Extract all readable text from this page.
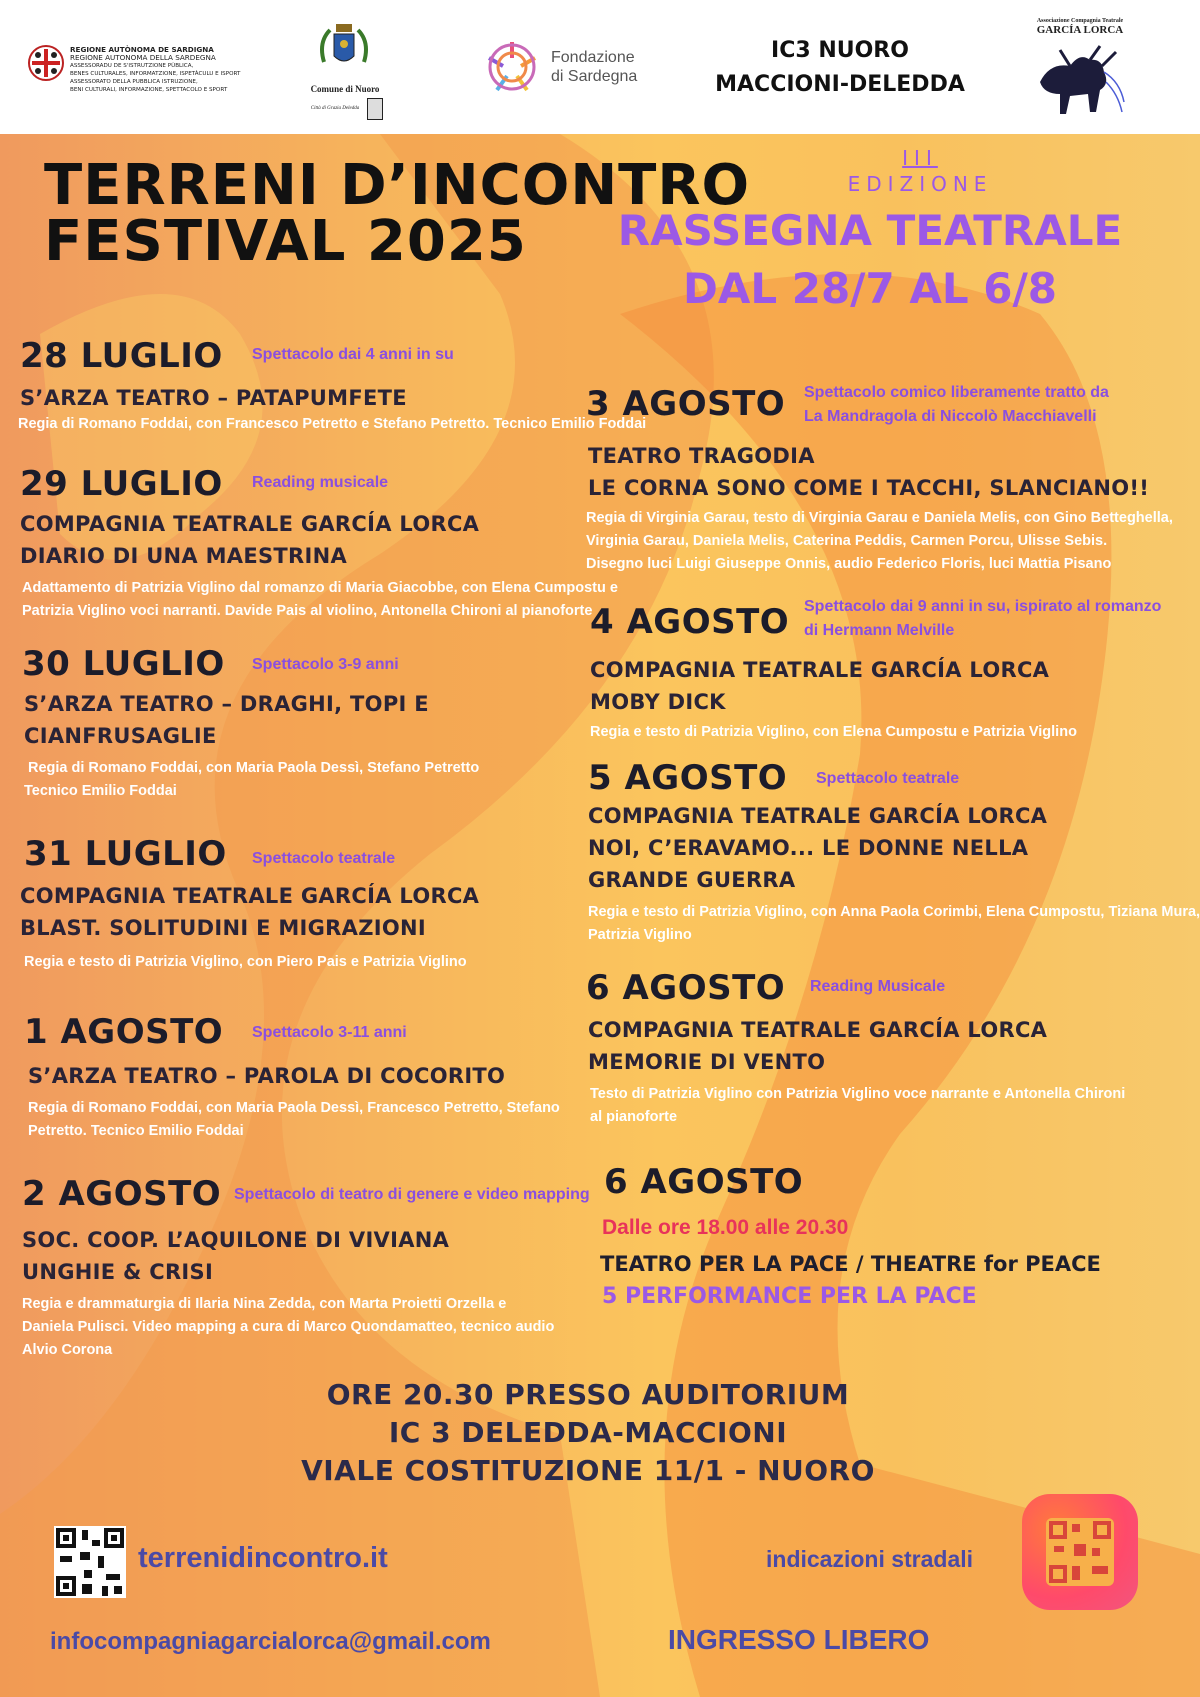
REGIONE AUTÒNOMA DE SARDIGNA
REGIONE AUTONOMA DELLA SARDEGNA
ASSESSORADU DE S'ISTRUTZIONE PÙBLICA,
BENES CULTURALES, INFORMATZIONE, ISPETÀCULU E ISPORT
ASSESSORATO DELLA PUBBLICA ISTRUZIONE,
BENI CULTURALI, INFORMAZIONE, SPETTACOLO E SPORT	Comune di Nuoro
Città di Grazia Deledda
Fondazione
di Sardegna
IC3 NUORO
MACCIONI-DELEDDA
Associazione Compagnia Teatrale
GARCÍA LORCA
TERRENI D’INCONTRO
FESTIVAL 2025
III
EDIZIONE
RASSEGNA TEATRALE
DAL 28/7 AL 6/8
28 LUGLIO Spettacolo dai 4 anni in su
S’ARZA TEATRO – PATAPUMFETE
Regia di Romano Foddai, con Francesco Petretto e Stefano Petretto. Tecnico Emilio Foddai
29 LUGLIO Reading musicale
COMPAGNIA TEATRALE GARCÍA LORCA
DIARIO DI UNA MAESTRINA
Adattamento di Patrizia Viglino dal romanzo di Maria Giacobbe, con Elena Cumpostu e
Patrizia Viglino voci narranti. Davide Pais al violino, Antonella Chironi al pianoforte
30 LUGLIO Spettacolo 3-9 anni
S’ARZA TEATRO – DRAGHI, TOPI E
CIANFRUSAGLIE
Regia di Romano Foddai, con Maria Paola Dessì, Stefano Petretto
Tecnico Emilio Foddai
31 LUGLIO Spettacolo teatrale
COMPAGNIA TEATRALE GARCÍA LORCA
BLAST. SOLITUDINI E MIGRAZIONI
Regia e testo di Patrizia Viglino, con Piero Pais e Patrizia Viglino
1 AGOSTO Spettacolo 3-11 anni
S’ARZA TEATRO – PAROLA DI COCORITO
Regia di Romano Foddai, con Maria Paola Dessì, Francesco Petretto, Stefano
Petretto. Tecnico Emilio Foddai
2 AGOSTO Spettacolo di teatro di genere e video mapping
SOC. COOP. L’AQUILONE DI VIVIANA
UNGHIE & CRISI
Regia e drammaturgia di Ilaria Nina Zedda, con Marta Proietti Orzella e
Daniela Pulisci. Video mapping a cura di Marco Quondamatteo, tecnico audio
Alvio Corona
3 AGOSTO Spettacolo comico liberamente tratto da
La Mandragola di Niccolò Macchiavelli
TEATRO TRAGODIA
LE CORNA SONO COME I TACCHI, SLANCIANO!!
Regia di Virginia Garau, testo di Virginia Garau e Daniela Melis, con Gino Betteghella,
Virginia Garau, Daniela Melis, Caterina Peddis, Carmen Porcu, Ulisse Sebis.
Disegno luci Luigi Giuseppe Onnis, audio Federico Floris, luci Mattia Pisano
4 AGOSTO Spettacolo dai 9 anni in su, ispirato al romanzo
di Hermann Melville
COMPAGNIA TEATRALE GARCÍA LORCA
MOBY DICK
Regia e testo di Patrizia Viglino, con Elena Cumpostu e Patrizia Viglino
5 AGOSTO Spettacolo teatrale
COMPAGNIA TEATRALE GARCÍA LORCA
NOI, C’ERAVAMO... LE DONNE NELLA
GRANDE GUERRA
Regia e testo di Patrizia Viglino, con Anna Paola Corimbi, Elena Cumpostu, Tiziana Mura,
Patrizia Viglino
6 AGOSTO Reading Musicale
COMPAGNIA TEATRALE GARCÍA LORCA
MEMORIE DI VENTO
Testo di Patrizia Viglino con Patrizia Viglino voce narrante e Antonella Chironi
al pianoforte
6 AGOSTO
Dalle ore 18.00 alle 20.30
TEATRO PER LA PACE / THEATRE for PEACE
5 PERFORMANCE PER LA PACE
ORE 20.30 PRESSO AUDITORIUM
IC 3 DELEDDA-MACCIONI
VIALE COSTITUZIONE 11/1 - NUORO
terrenidincontro.it	indicazioni stradali
infocompagniagarcialorca@gmail.com	INGRESSO LIBERO
